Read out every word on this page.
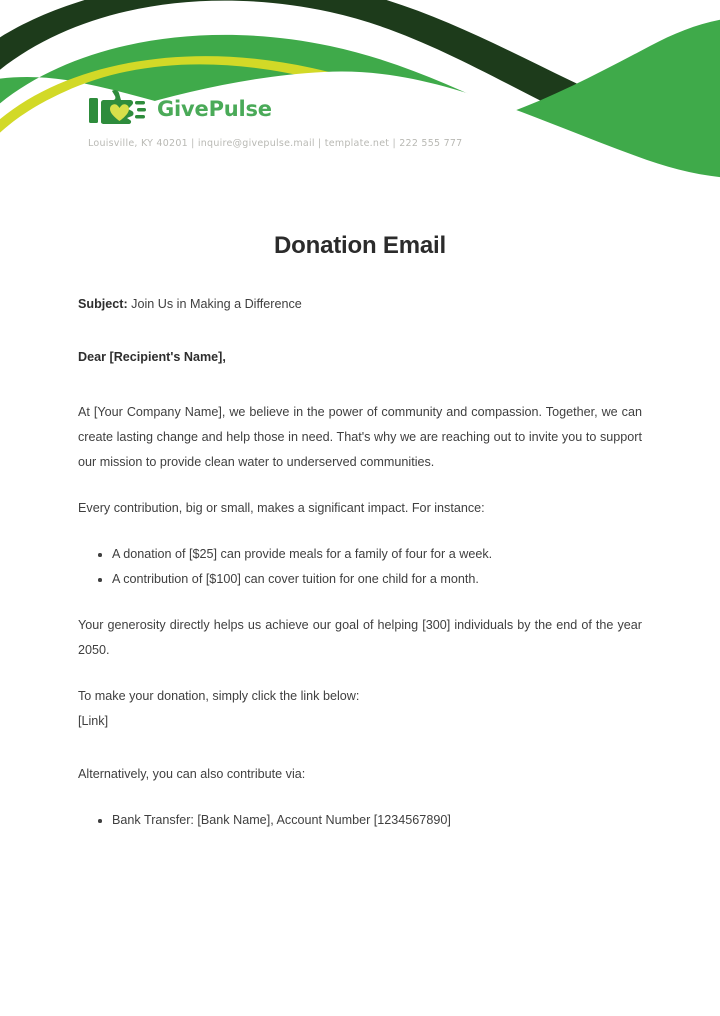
GivePulse
Louisville, KY 40201 | inquire@givepulse.mail | template.net | 222 555 777
Donation Email

Subject: Join Us in Making a Difference

Dear [Recipient's Name],

At [Your Company Name], we believe in the power of community and compassion. Together, we can create lasting change and help those in need. That's why we are reaching out to invite you to support our mission to provide clean water to underserved communities.

Every contribution, big or small, makes a significant impact. For instance:

A donation of [$25] can provide meals for a family of four for a week.
A contribution of [$100] can cover tuition for one child for a month.

Your generosity directly helps us achieve our goal of helping [300] individuals by the end of the year 2050.

To make your donation, simply click the link below:

[Link]

Alternatively, you can also contribute via:

Bank Transfer: [Bank Name], Account Number [1234567890]
